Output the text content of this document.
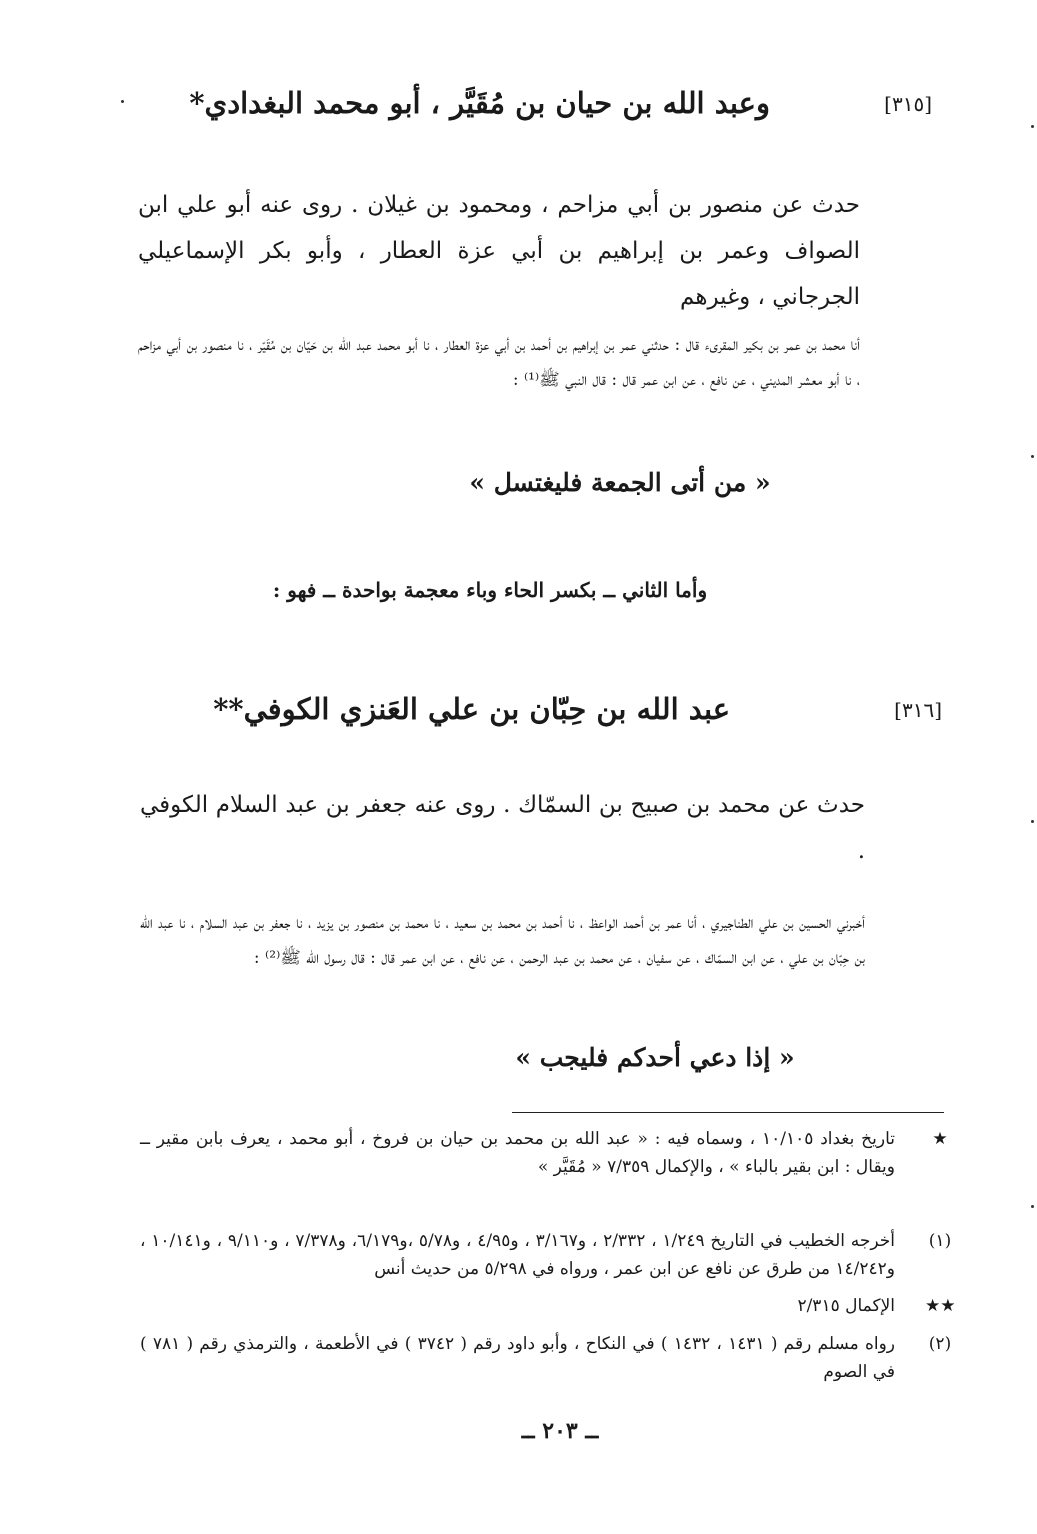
[٣١٥]
وعبد الله بن حيان بن مُقَيَّر ، أبو محمد البغدادي*
حدث عن منصور بن أبي مزاحم ، ومحمود بن غيلان . روى عنه أبو علي ابن الصواف وعمر بن إبراهيم بن أبي عزة العطار ، وأبو بكر الإسماعيلي الجرجاني ، وغيرهم
أنا محمد بن عمر بن بكير المقرىء قال : حدثني عمر بن إبراهيم بن أحمد بن أبي عزة العطار ، نا أبو محمد عبد الله بن حَيّان بن مُقَيّر ، نا منصور بن أبي مزاحم ، نا أبو معشر المديني ، عن نافع ، عن ابن عمر قال : قال النبي ﷺ⁽¹⁾ :
« من أتى الجمعة فليغتسل »
وأما الثاني ــ بكسر الحاء وباء معجمة بواحدة ــ فهو :
[٣١٦]
عبد الله بن حِبّان بن علي العَنزي الكوفي**
حدث عن محمد بن صبيح بن السمّاك . روى عنه جعفر بن عبد السلام الكوفي .
أخبرني الحسين بن علي الطناجيري ، أنا عمر بن أحمد الواعظ ، نا أحمد بن محمد بن سعيد ، نا محمد بن منصور بن يزيد ، نا جعفر بن عبد السلام ، نا عبد الله بن حِبّان بن علي ، عن ابن السمّاك ، عن سفيان ، عن محمد بن عبد الرحمن ، عن نافع ، عن ابن عمر قال : قال رسول الله ﷺ⁽²⁾ :
« إذا دعي أحدكم فليجب »
★
تاريخ بغداد ١٠/١٠٥ ، وسماه فيه : « عبد الله بن محمد بن حيان بن فروخ ، أبو محمد ، يعرف بابن مقير ــ ويقال : ابن بقير بالباء » ، والإكمال ٧/٣٥٩ « مُقَيَّر »
(١)
أخرجه الخطيب في التاريخ ١/٢٤٩ ، ٢/٣٣٢ ، و٣/١٦٧ ، و٤/٩٥ ، و٥/٧٨ ،و٦/١٧٩، و٧/٣٧٨ ، و٩/١١٠ ، و١٠/١٤١ ، و١٤/٢٤٢ من طرق عن نافع عن ابن عمر ، ورواه في ٥/٢٩٨ من حديث أنس
★★
الإكمال ٢/٣١٥
(٢)
رواه مسلم رقم ( ١٤٣١ ، ١٤٣٢ ) في النكاح ، وأبو داود رقم ( ٣٧٤٢ ) في الأطعمة ، والترمذي رقم ( ٧٨١ ) في الصوم
ــ ٢٠٣ ــ
